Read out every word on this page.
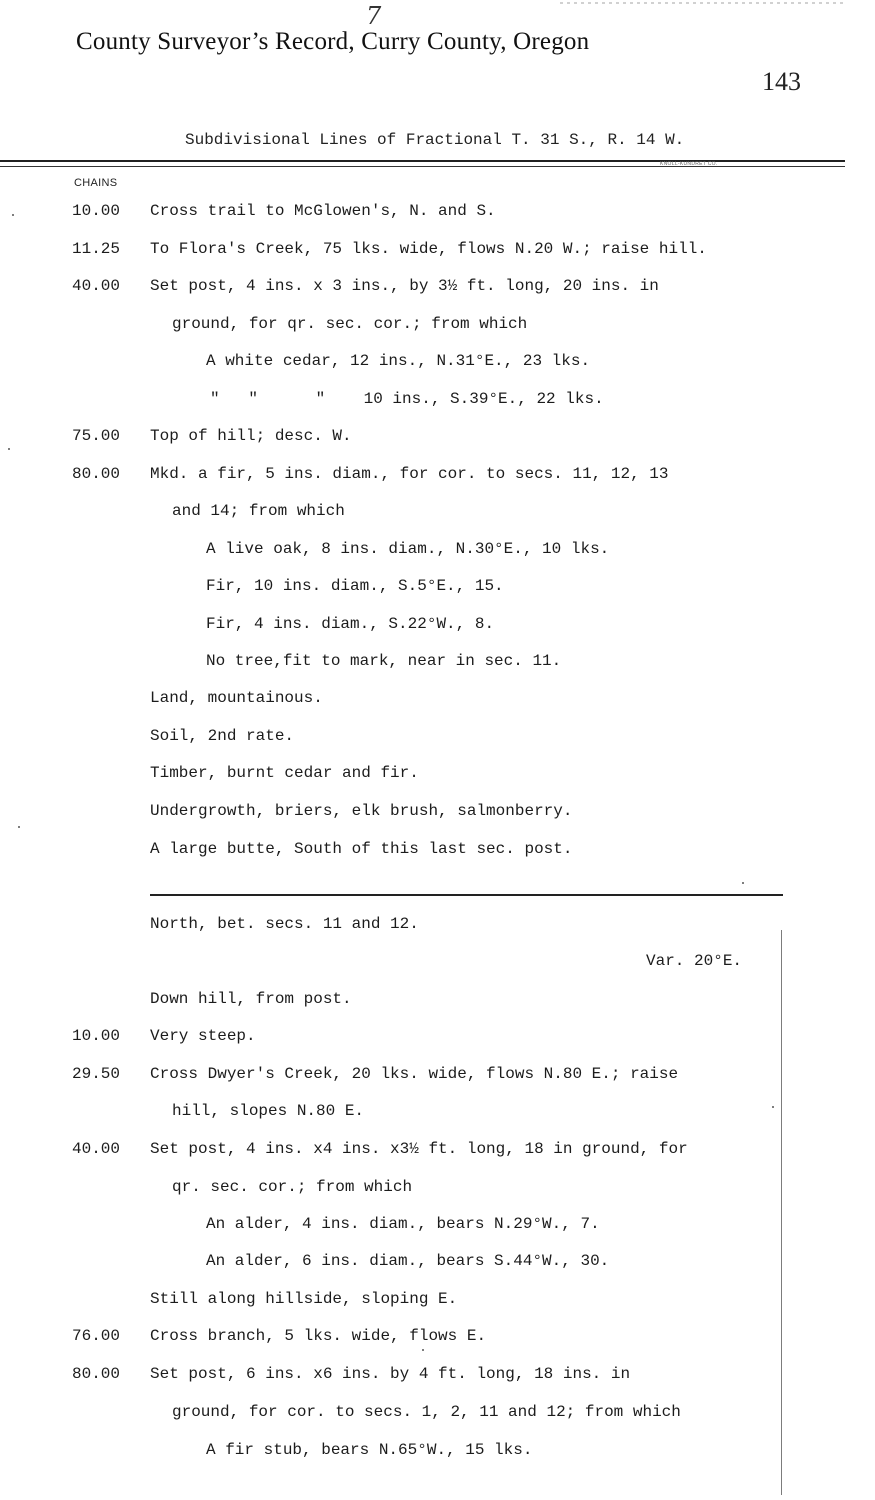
7
County Surveyor’s Record, Curry County, Oregon
143
Subdivisional Lines of Fractional T. 31 S., R. 14 W.
KNOLL-KUNDRET CO.
CHAINS
10.00 Cross trail to McGlowen's, N. and S.
11.25 To Flora's Creek, 75 lks. wide, flows N.20 W.; raise hill.
40.00 Set post, 4 ins. x 3 ins., by 3½ ft. long, 20 ins. in
ground, for qr. sec. cor.; from which
A white cedar, 12 ins., N.31°E., 23 lks.
"   "      "    10 ins., S.39°E., 22 lks.
75.00 Top of hill; desc. W.
80.00 Mkd. a fir, 5 ins. diam., for cor. to secs. 11, 12, 13
and 14; from which
A live oak, 8 ins. diam., N.30°E., 10 lks.
Fir, 10 ins. diam., S.5°E., 15.
Fir, 4 ins. diam., S.22°W., 8.
No tree,fit to mark, near in sec. 11.
Land, mountainous.
Soil, 2nd rate.
Timber, burnt cedar and fir.
Undergrowth, briers, elk brush, salmonberry.
A large butte, South of this last sec. post.
North, bet. secs. 11 and 12.
Var. 20°E.
Down hill, from post.
10.00 Very steep.
29.50 Cross Dwyer's Creek, 20 lks. wide, flows N.80 E.; raise
hill, slopes N.80 E.
40.00 Set post, 4 ins. x4 ins. x3½ ft. long, 18 in ground, for
qr. sec. cor.; from which
An alder, 4 ins. diam., bears N.29°W., 7.
An alder, 6 ins. diam., bears S.44°W., 30.
Still along hillside, sloping E.
76.00 Cross branch, 5 lks. wide, flows E.
80.00 Set post, 6 ins. x6 ins. by 4 ft. long, 18 ins. in
ground, for cor. to secs. 1, 2, 11 and 12; from which
A fir stub, bears N.65°W., 15 lks.
